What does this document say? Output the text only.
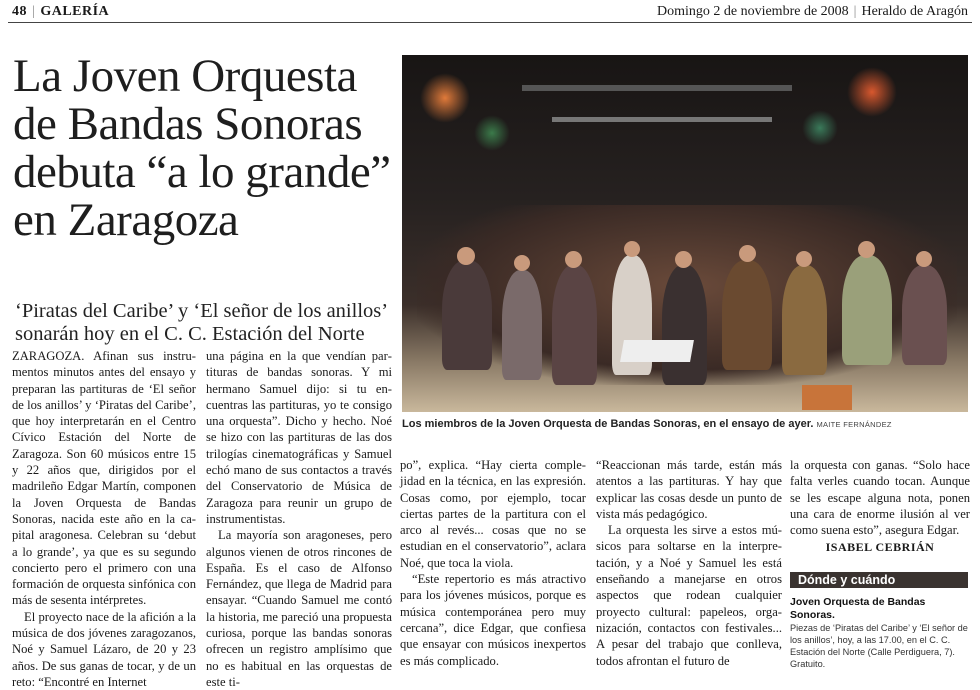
48 | GALERÍA	Domingo 2 de noviembre de 2008 | Heraldo de Aragón
La Joven Orquesta de Bandas Sonoras debuta “a lo grande” en Zaragoza
‘Piratas del Caribe’ y ‘El señor de los anillos’ sonarán hoy en el C. C. Estación del Norte
Los miembros de la Joven Orquesta de Bandas Sonoras, en el ensayo de ayer. MAITE FERNÁNDEZ

ZARAGOZA. Afinan sus instrumentos minutos antes del ensayo y preparan las partituras de ‘El señor de los anillos’ y ‘Piratas del Caribe’, que hoy interpretarán en el Centro Cívico Estación del Norte de Zaragoza. Son 60 músicos entre 15 y 22 años que, dirigidos por el madrileño Edgar Martín, componen la Joven Orquesta de Bandas Sonoras, nacida este año en la capital aragonesa. Celebran su ‘debut a lo grande’, ya que es su segundo concierto pero el primero con una formación de orquesta sinfónica con más de sesenta intérpretes.

El proyecto nace de la afición a la música de dos jóvenes zaragozanos, Noé y Samuel Lázaro, de 20 y 23 años. De sus ganas de tocar, y de un reto: “Encontré en Internet

una página en la que vendían partituras de bandas sonoras. Y mi hermano Samuel dijo: si tu encuentras las partituras, yo te consigo una orquesta”. Dicho y hecho. Noé se hizo con las partituras de las dos trilogías cinematográficas y Samuel echó mano de sus contactos a través del Conservatorio de Música de Zaragoza para reunir un grupo de instrumentistas.

La mayoría son aragoneses, pero algunos vienen de otros rincones de España. Es el caso de Alfonso Fernández, que llega de Madrid para ensayar. “Cuando Samuel me contó la historia, me pareció una propuesta curiosa, porque las bandas sonoras ofrecen un registro amplísimo que no es habitual en las orquestas de este ti-

po”, explica. “Hay cierta complejidad en la técnica, en las expresión. Cosas como, por ejemplo, tocar ciertas partes de la partitura con el arco al revés... cosas que no se estudian en el conservatorio”, aclara Noé, que toca la viola.

“Este repertorio es más atractivo para los jóvenes músicos, porque es música contemporánea pero muy cercana”, dice Edgar, que confiesa que ensayar con músicos inexpertos es más complicado.

“Reaccionan más tarde, están más atentos a las partituras. Y hay que explicar las cosas desde un punto de vista más pedagógico.

La orquesta les sirve a estos músicos para soltarse en la interpretación, y a Noé y Samuel les está enseñando a manejarse en otros aspectos que rodean cualquier proyecto cultural: papeleos, organización, contactos con festivales... A pesar del trabajo que conlleva, todos afrontan el futuro de

la orquesta con ganas. “Solo hace falta verles cuando tocan. Aunque se les escape alguna nota, ponen una cara de enorme ilusión al ver como suena esto”, asegura Edgar.

ISABEL CEBRIÁN
Dónde y cuándo
Joven Orquesta de Bandas Sonoras.
Piezas de ‘Piratas del Caribe’ y ‘El señor de los anillos’, hoy, a las 17.00, en el C. C. Estación del Norte (Calle Perdiguera, 7). Gratuito.
